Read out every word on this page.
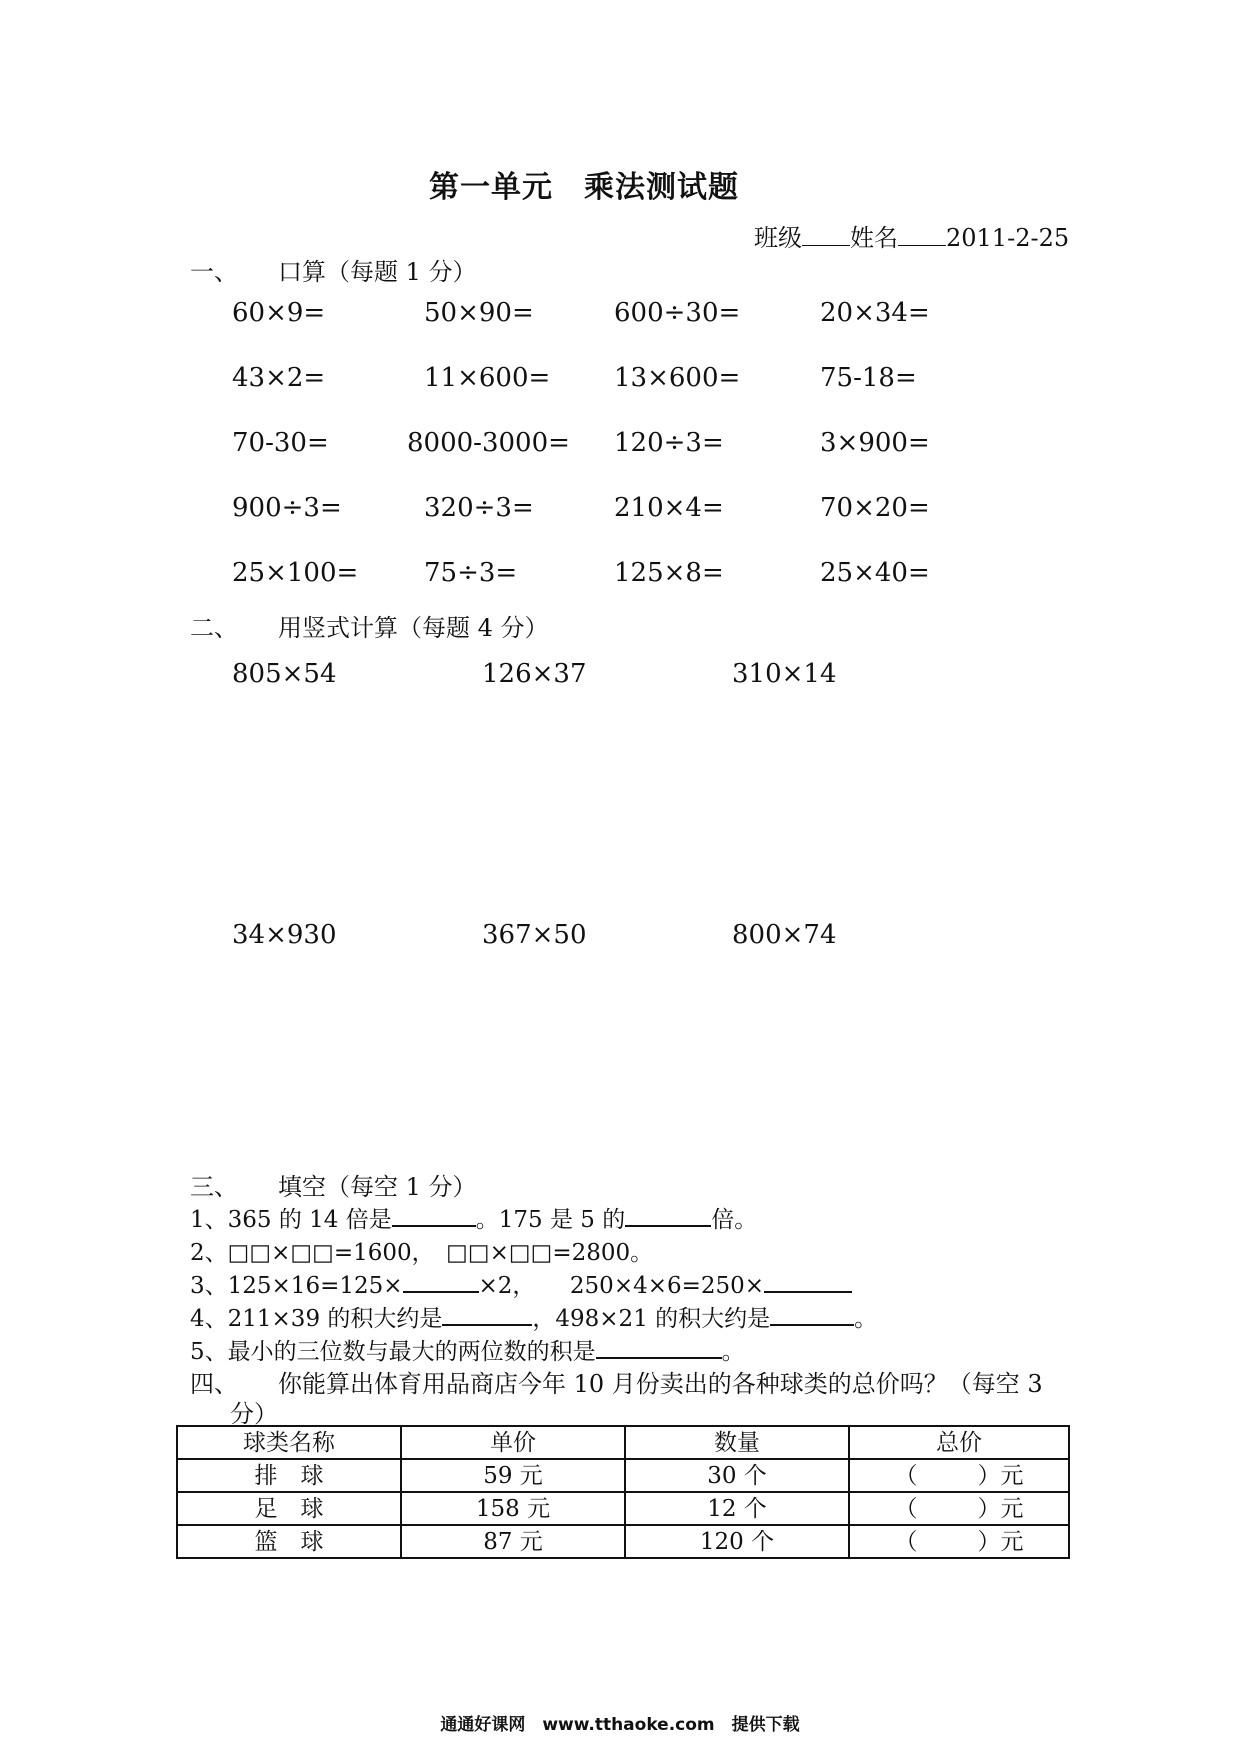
第一单元　乘法测试题
班级 姓名 2011-2-25
一、 口算（每题 1 分）
60×9=	50×90=	600÷30=	20×34=
43×2=	11×600= 13×600=	75-18=
70-30=	8000-3000= 120÷3=	3×900=
900÷3=	320÷3=	210×4=	70×20=
25×100=	75÷3=	125×8=	25×40=
二、 用竖式计算（每题 4 分）
805×54	126×37	310×14
34×930	367×50	800×74
三、 填空（每空 1 分）
1、365 的 14 倍是	。175 是 5 的	倍。
2、□□×□□=1600，　□□×□□=2800。
3、125×16=125×	×2，　　250×4×6=250×
4、211×39 的积大约是	，498×21 的积大约是	。
5、最小的三位数与最大的两位数的积是	。
四、 你能算出体育用品商店今年 10 月份卖出的各种球类的总价吗？（每空 3
分）
球类名称	单价	数量	总价
排　球	59 元	30 个	（ ）元
足　球	158 元	12 个	（ ）元
篮　球	87 元	120 个	（ ）元
通通好课网　www.tthaoke.com　提供下载
